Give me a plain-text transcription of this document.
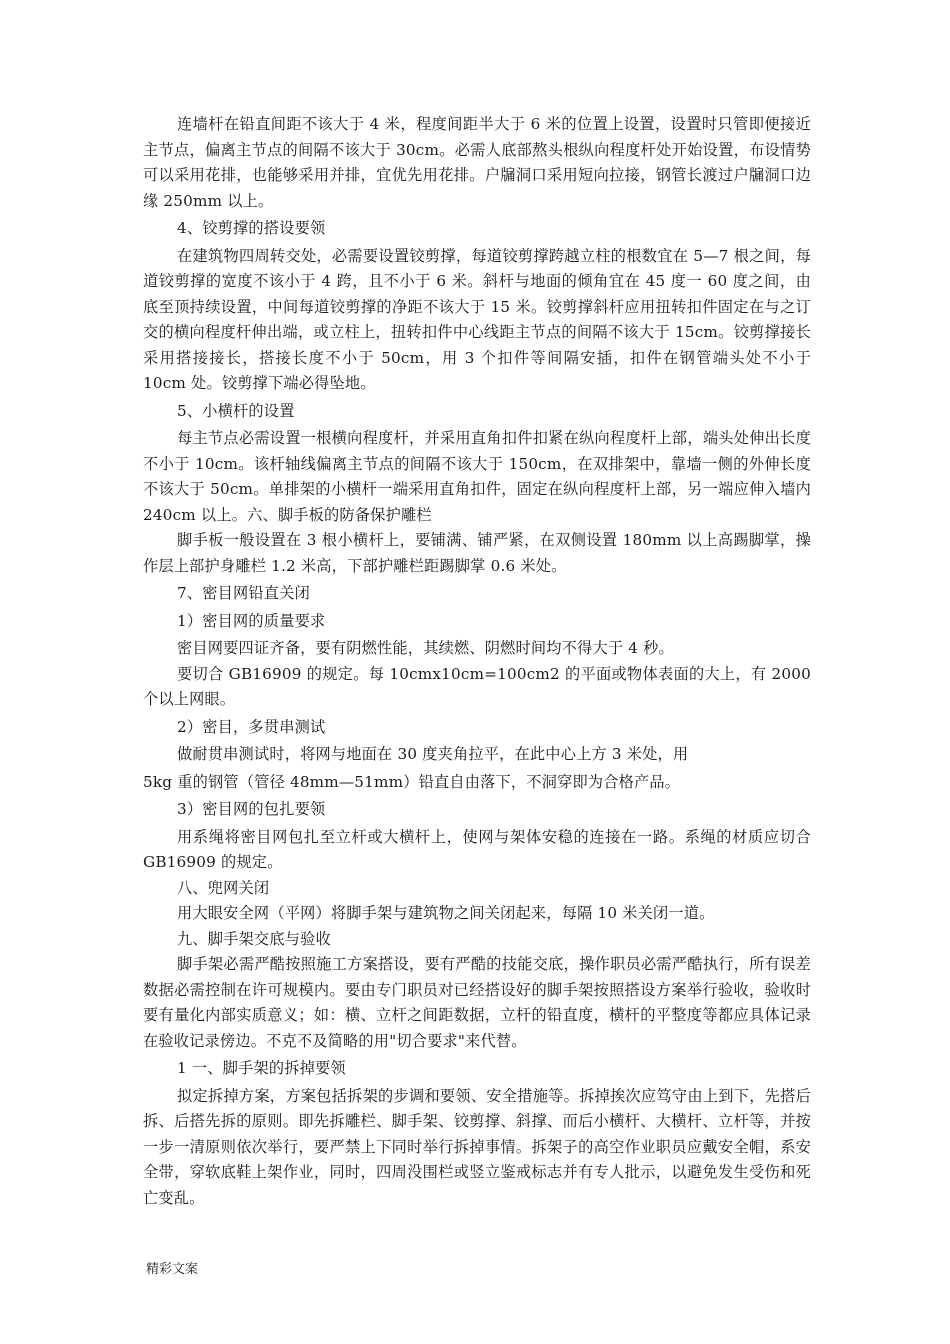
连墙杆在铅直间距不该大于 4 米，程度间距半大于 6 米的位置上设置，设置时只管即便接近主节点，偏离主节点的间隔不该大于 30cm。必需人底部熬头根纵向程度杆处开始设置，布设情势可以采用花排，也能够采用并排，宜优先用花排。户牖洞口采用短向拉接，钢管长渡过户牖洞口边缘 250mm 以上。

4、铰剪撑的搭设要领

在建筑物四周转交处，必需要设置铰剪撑，每道铰剪撑跨越立柱的根数宜在 5—7 根之间，每道铰剪撑的宽度不该小于 4 跨，且不小于 6 米。斜杆与地面的倾角宜在 45 度一 60 度之间，由底至顶持续设置，中间每道铰剪撑的净距不该大于 15 米。铰剪撑斜杆应用扭转扣件固定在与之订交的横向程度杆伸出端，或立柱上，扭转扣件中心线距主节点的间隔不该大于 15cm。铰剪撑接长采用搭接接长，搭接长度不小于 50cm，用 3 个扣件等间隔安插，扣件在钢管端头处不小于 10cm 处。铰剪撑下端必得坠地。

5、小横杆的设置

每主节点必需设置一根横向程度杆，并采用直角扣件扣紧在纵向程度杆上部，端头处伸出长度不小于 10cm。该杆轴线偏离主节点的间隔不该大于 150cm，在双排架中，靠墙一侧的外伸长度不该大于 50cm。单排架的小横杆一端采用直角扣件，固定在纵向程度杆上部，另一端应伸入墙内 240cm 以上。六、脚手板的防备保护雕栏

脚手板一般设置在 3 根小横杆上，要铺满、铺严紧，在双侧设置 180mm 以上高踢脚掌，操作层上部护身雕栏 1.2 米高，下部护雕栏距踢脚掌 0.6 米处。

7、密目网铅直关闭

1）密目网的质量要求

密目网要四证齐备，要有阴燃性能，其续燃、阴燃时间均不得大于 4 秒。

要切合 GB16909 的规定。每 10cmx10cm=100cm2 的平面或物体表面的大上，有 2000 个以上网眼。

2）密目，多贯串测试

做耐贯串测试时，将网与地面在 30 度夹角拉平，在此中心上方 3 米处，用

5kg 重的钢管（管径 48mm—51mm）铅直自由落下，不洞穿即为合格产品。

3）密目网的包扎要领

用系绳将密目网包扎至立杆或大横杆上，使网与架体安稳的连接在一路。系绳的材质应切合 GB16909 的规定。

八、兜网关闭

用大眼安全网（平网）将脚手架与建筑物之间关闭起来，每隔 10 米关闭一道。

九、脚手架交底与验收

脚手架必需严酷按照施工方案搭设，要有严酷的技能交底，操作职员必需严酷执行，所有误差数据必需控制在许可规模内。要由专门职员对已经搭设好的脚手架按照搭设方案举行验收，验收时要有量化内部实质意义；如：横、立杆之间距数据，立杆的铅直度，横杆的平整度等都应具体记录在验收记录傍边。不克不及简略的用"切合要求"来代替。

1 一、脚手架的拆掉要领

拟定拆掉方案，方案包括拆架的步调和要领、安全措施等。拆掉挨次应笃守由上到下，先搭后拆、后搭先拆的原则。即先拆雕栏、脚手架、铰剪撑、斜撑、而后小横杆、大横杆、立杆等，并按一步一清原则依次举行，要严禁上下同时举行拆掉事情。拆架子的高空作业职员应戴安全帽，系安全带，穿软底鞋上架作业，同时，四周没围栏或竖立鉴戒标志并有专人批示，以避免发生受伤和死亡变乱。

精彩文案
